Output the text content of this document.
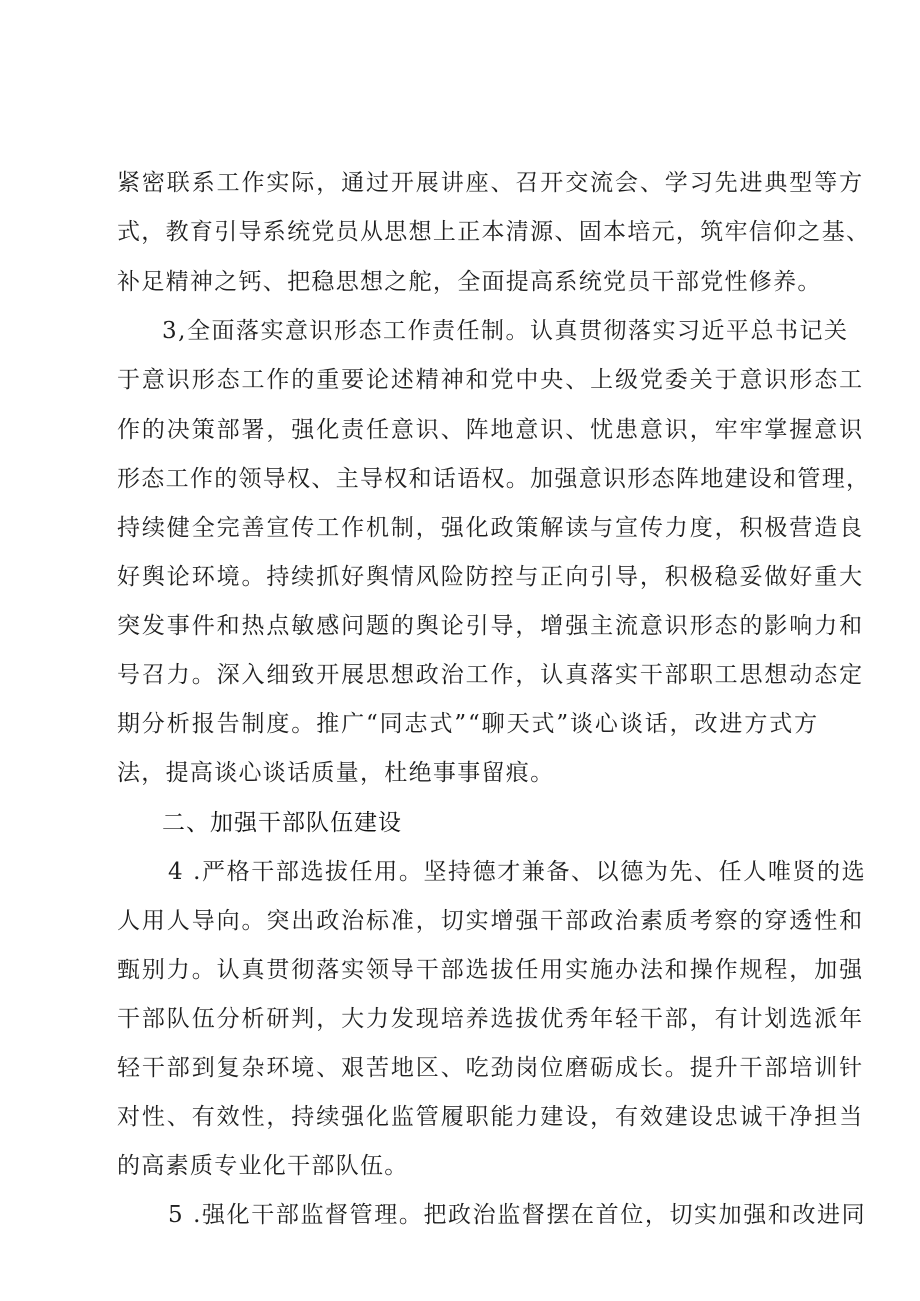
紧密联系工作实际，通过开展讲座、召开交流会、学习先进典型等方
式，教育引导系统党员从思想上正本清源、固本培元，筑牢信仰之基、
补足精神之钙、把稳思想之舵，全面提高系统党员干部党性修养。
3,全面落实意识形态工作责任制。认真贯彻落实习近平总书记关
于意识形态工作的重要论述精神和党中央、上级党委关于意识形态工
作的决策部署，强化责任意识、阵地意识、忧患意识，牢牢掌握意识
形态工作的领导权、主导权和话语权。加强意识形态阵地建设和管理，
持续健全完善宣传工作机制，强化政策解读与宣传力度，积极营造良
好舆论环境。持续抓好舆情风险防控与正向引导，积极稳妥做好重大
突发事件和热点敏感问题的舆论引导，增强主流意识形态的影响力和
号召力。深入细致开展思想政治工作，认真落实干部职工思想动态定
期分析报告制度。推广“同志式”“聊天式”谈心谈话，改进方式方
法，提高谈心谈话质量，杜绝事事留痕。
二、加强干部队伍建设
4 .严格干部选拔任用。坚持德才兼备、以德为先、任人唯贤的选
人用人导向。突出政治标准，切实增强干部政治素质考察的穿透性和
甄别力。认真贯彻落实领导干部选拔任用实施办法和操作规程，加强
干部队伍分析研判，大力发现培养选拔优秀年轻干部，有计划选派年
轻干部到复杂环境、艰苦地区、吃劲岗位磨砺成长。提升干部培训针
对性、有效性，持续强化监管履职能力建设，有效建设忠诚干净担当
的高素质专业化干部队伍。
5 .强化干部监督管理。把政治监督摆在首位，切实加强和改进同
